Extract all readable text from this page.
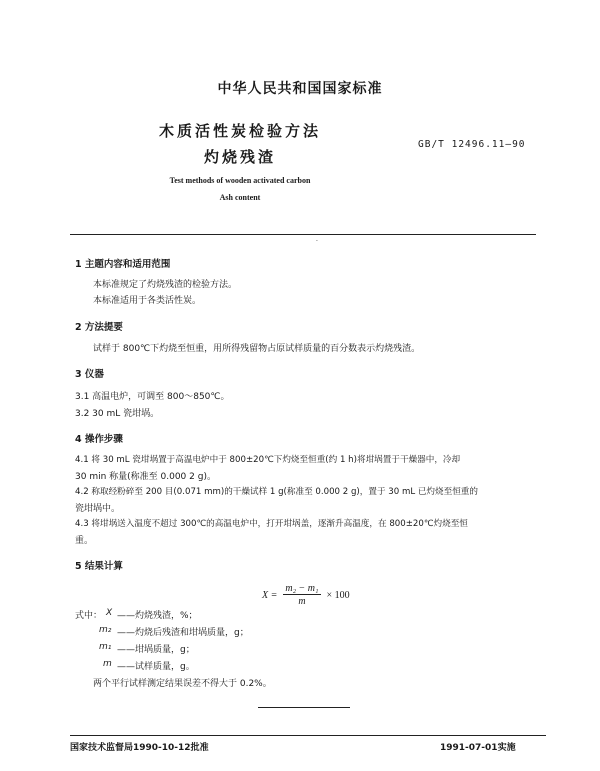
中华人民共和国国家标准
木质活性炭检验方法
灼烧残渣
GB/T 12496.11—90
Test methods of wooden activated carbon
Ash content
·
1 主题内容和适用范围
本标准规定了灼烧残渣的检验方法。
本标准适用于各类活性炭。
2 方法提要
试样于 800℃下灼烧至恒重，用所得残留物占原试样质量的百分数表示灼烧残渣。
3 仪器
3.1 高温电炉，可调至 800～850℃。
3.2 30 mL 瓷坩埚。
4 操作步骤
4.1 将 30 mL 瓷坩埚置于高温电炉中于 800±20℃下灼烧至恒重(约 1 h)将坩埚置于干燥器中，冷却
30 min 称量(称准至 0.000 2 g)。
4.2 称取经粉碎至 200 目(0.071 mm)的干燥试样 1 g(称准至 0.000 2 g)，置于 30 mL 已灼烧至恒重的
瓷坩埚中。
4.3 将坩埚送入温度不超过 300℃的高温电炉中，打开坩埚盖，逐渐升高温度，在 800±20℃灼烧至恒
重。
5 结果计算
$X = \frac{\text{m₂ − m₁}}{m} \times 100$
式中： X ——灼烧残渣，%；
m₂ ——灼烧后残渣和坩埚质量，g；
m₁ ——坩埚质量，g；
m ——试样质量，g。
两个平行试样测定结果误差不得大于 0.2%。
国家技术监督局1990-10-12批准	1991-07-01实施
